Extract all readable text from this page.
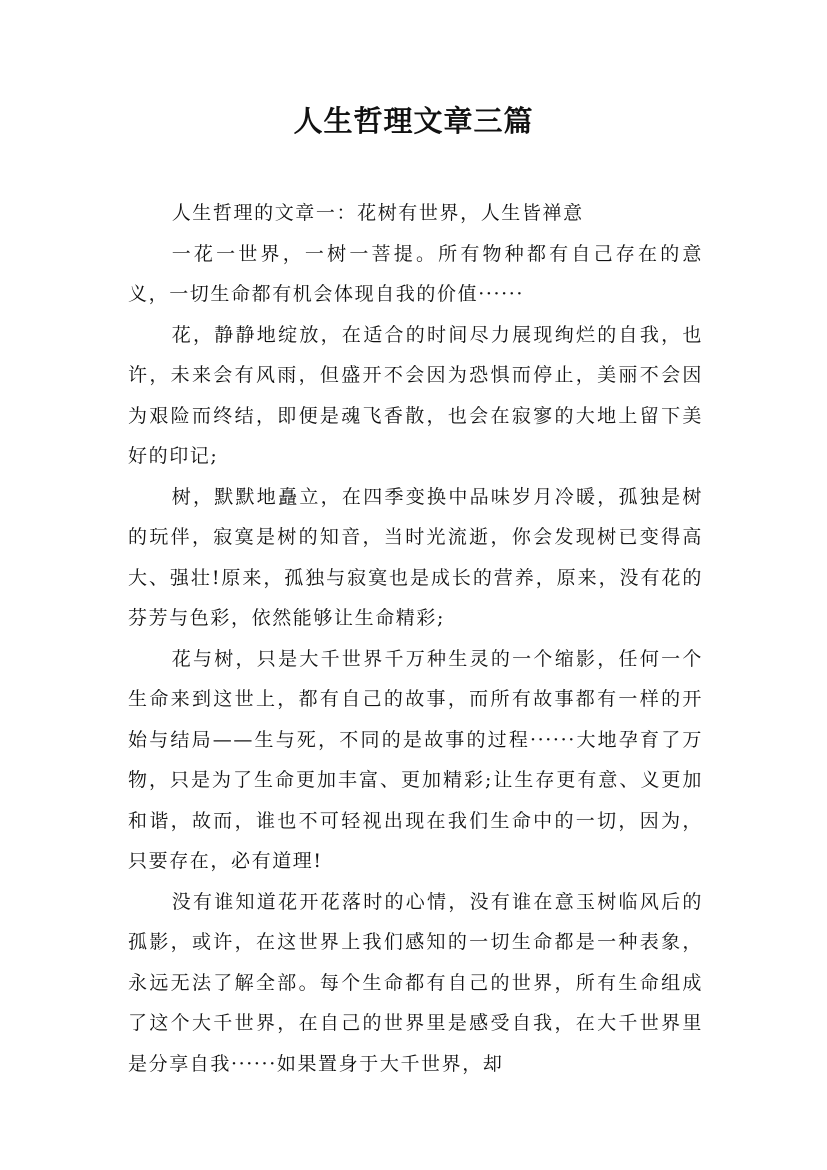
人生哲理文章三篇

人生哲理的文章一：花树有世界，人生皆禅意

一花一世界，一树一菩提。所有物种都有自己存在的意义，一切生命都有机会体现自我的价值······

花，静静地绽放，在适合的时间尽力展现绚烂的自我，也许，未来会有风雨，但盛开不会因为恐惧而停止，美丽不会因为艰险而终结，即便是魂飞香散，也会在寂寥的大地上留下美好的印记;

树，默默地矗立，在四季变换中品味岁月冷暖，孤独是树的玩伴，寂寞是树的知音，当时光流逝，你会发现树已变得高大、强壮!原来，孤独与寂寞也是成长的营养，原来，没有花的芬芳与色彩，依然能够让生命精彩;

花与树，只是大千世界千万种生灵的一个缩影，任何一个生命来到这世上，都有自己的故事，而所有故事都有一样的开始与结局——生与死，不同的是故事的过程······大地孕育了万物，只是为了生命更加丰富、更加精彩;让生存更有意、义更加和谐，故而，谁也不可轻视出现在我们生命中的一切，因为，只要存在，必有道理!

没有谁知道花开花落时的心情，没有谁在意玉树临风后的孤影，或许，在这世界上我们感知的一切生命都是一种表象，永远无法了解全部。每个生命都有自己的世界，所有生命组成了这个大千世界，在自己的世界里是感受自我，在大千世界里是分享自我······如果置身于大千世界，却
